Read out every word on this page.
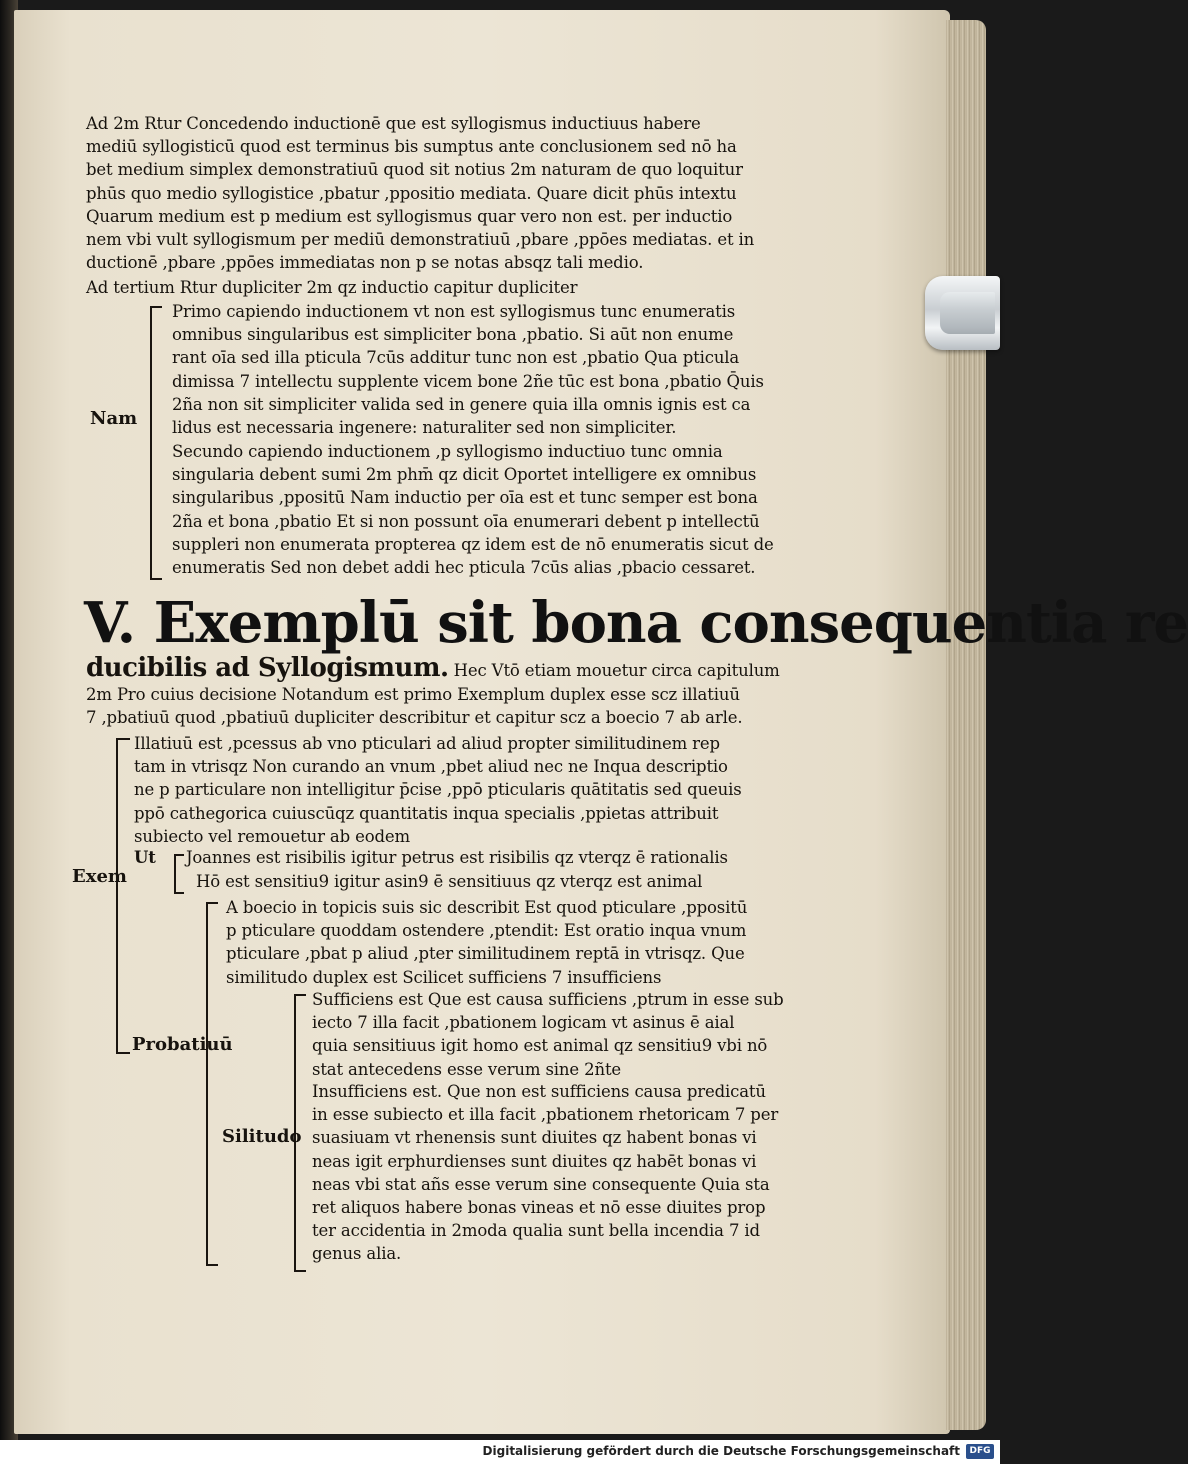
Ad 2m Rtur Concedendo inductionē que est syllogismus inductiuus habere
mediū syllogisticū quod est terminus bis sumptus ante conclusionem sed nō ha
bet medium simplex demonstratiuū quod sit notius 2m naturam de quo loquitur
phūs quo medio syllogistice ,pbatur ,ppositio mediata. Quare dicit phūs intextu
Quarum medium est p medium est syllogismus quar vero non est. per inductio
nem vbi vult syllogismum per mediū demonstratiuū ,pbare ,ppōes mediatas. et in
ductionē ,pbare ,ppōes immediatas non p se notas absqz tali medio.
Ad tertium Rtur dupliciter 2m qz inductio capitur dupliciter
Nam
Primo capiendo inductionem vt non est syllogismus tunc enumeratis
omnibus singularibus est simpliciter bona ,pbatio. Si aūt non enume
rant oīa sed illa pticula 7cūs additur tunc non est ,pbatio Qua pticula
dimissa 7 intellectu supplente vicem bone 2ñe tūc est bona ,pbatio Q̄uis
2ña non sit simpliciter valida sed in genere quia illa omnis ignis est ca
lidus est necessaria ingenere: naturaliter sed non simpliciter.
Secundo capiendo inductionem ,p syllogismo inductiuo tunc omnia
singularia debent sumi 2m phm̄ qz dicit Oportet intelligere ex omnibus
singularibus ,ppositū Nam inductio per oīa est et tunc semper est bona
2ña et bona ,pbatio Et si non possunt oīa enumerari debent p intellectū
suppleri non enumerata propterea qz idem est de nō enumeratis sicut de
enumeratis Sed non debet addi hec pticula 7cūs alias ,pbacio cessaret.
V. Exemplū sit bona consequentia re
ducibilis ad Syllogismum. Hec Vtō etiam mouetur circa capitulum
2m Pro cuius decisione Notandum est primo Exemplum duplex esse scz illatiuū
7 ,pbatiuū quod ,pbatiuū dupliciter describitur et capitur scz a boecio 7 ab arle.
Exem
Illatiuū est ,pcessus ab vno pticulari ad aliud propter similitudinem rep
tam in vtrisqz Non curando an vnum ,pbet aliud nec ne Inqua descriptio
ne p particulare non intelligitur p̄cise ,ppō pticularis quātitatis sed queuis
ppō cathegorica cuiuscūqz quantitatis inqua specialis ,ppietas attribuit
subiecto vel remouetur ab eodem
Ut Joannes est risibilis igitur petrus est risibilis qz vterqz ē rationalis
Hō est sensitiu9 igitur asin9 ē sensitiuus qz vterqz est animal
Probatiuū
A boecio in topicis suis sic describit Est quod pticulare ,ppositū
p pticulare quoddam ostendere ,ptendit: Est oratio inqua vnum
pticulare ,pbat p aliud ,pter similitudinem reptā in vtrisqz. Que
similitudo duplex est Scilicet sufficiens 7 insufficiens
Silitudo
Sufficiens est Que est causa sufficiens ,ptrum in esse sub
iecto 7 illa facit ,pbationem logicam vt asinus ē aial
quia sensitiuus igit homo est animal qz sensitiu9 vbi nō
stat antecedens esse verum sine 2ñte
Insufficiens est. Que non est sufficiens causa predicatū
in esse subiecto et illa facit ,pbationem rhetoricam 7 per
suasiuam vt rhenensis sunt diuites qz habent bonas vi
neas igit erphurdienses sunt diuites qz habēt bonas vi
neas vbi stat añs esse verum sine consequente Quia sta
ret aliquos habere bonas vineas et nō esse diuites prop
ter accidentia in 2moda qualia sunt bella incendia 7 id
genus alia.
Digitalisierung gefördert durch die Deutsche Forschungsgemeinschaft	DFG
